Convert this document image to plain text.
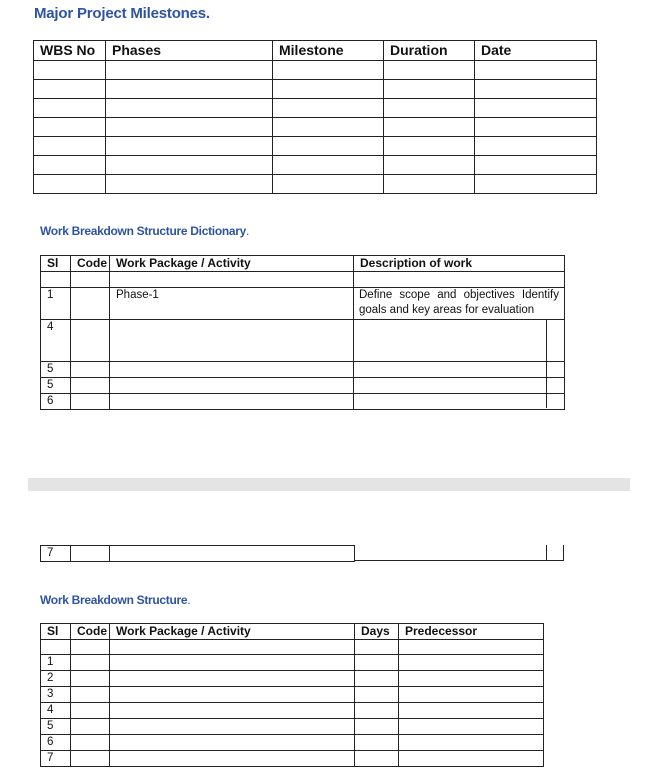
Major Project Milestones.
WBS No	Phases	Milestone	Duration	Date

Work Breakdown Structure Dictionary.
Sl	Code	Work Package / Activity	Description of work

1		Phase-1	Define scope and objectives Identify goals and key areas for evaluation
4			
5			
5			
6			
7		
Work Breakdown Structure.
Sl	Code	Work Package / Activity	Days	Predecessor

1				
2				
3				
4				
5				
6				
7				
